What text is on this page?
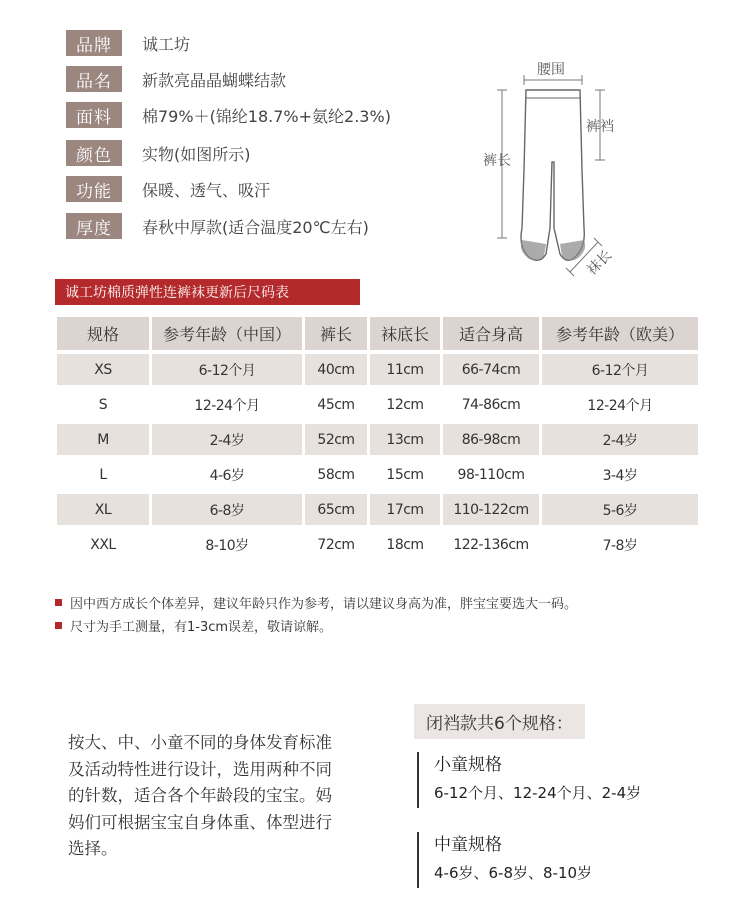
品牌	诚工坊
品名	新款亮晶晶蝴蝶结款
面料	棉79%＋(锦纶18.7%+氨纶2.3%)
颜色	实物(如图所示)
功能	保暖、透气、吸汗
厚度	春秋中厚款(适合温度20℃左右)
腰围
裤裆
裤长
袜长
诚工坊棉质弹性连裤袜更新后尺码表
规格	参考年龄（中国）	裤长	袜底长	适合身高	参考年龄（欧美）
XS	6-12个月	40cm	11cm	66-74cm	6-12个月
S	12-24个月	45cm	12cm	74-86cm	12-24个月
M	2-4岁	52cm	13cm	86-98cm	2-4岁
L	4-6岁	58cm	15cm	98-110cm	3-4岁
XL	6-8岁	65cm	17cm	110-122cm	5-6岁
XXL	8-10岁	72cm	18cm	122-136cm	7-8岁
因中西方成长个体差异，建议年龄只作为参考，请以建议身高为准，胖宝宝要选大一码。
尺寸为手工测量，有1-3cm误差，敬请谅解。
按大、中、小童不同的身体发育标准及活动特性进行设计，选用两种不同的针数，适合各个年龄段的宝宝。妈妈们可根据宝宝自身体重、体型进行选择。
闭裆款共6个规格：
小童规格
6-12个月、12-24个月、2-4岁
中童规格
4-6岁、6-8岁、8-10岁
